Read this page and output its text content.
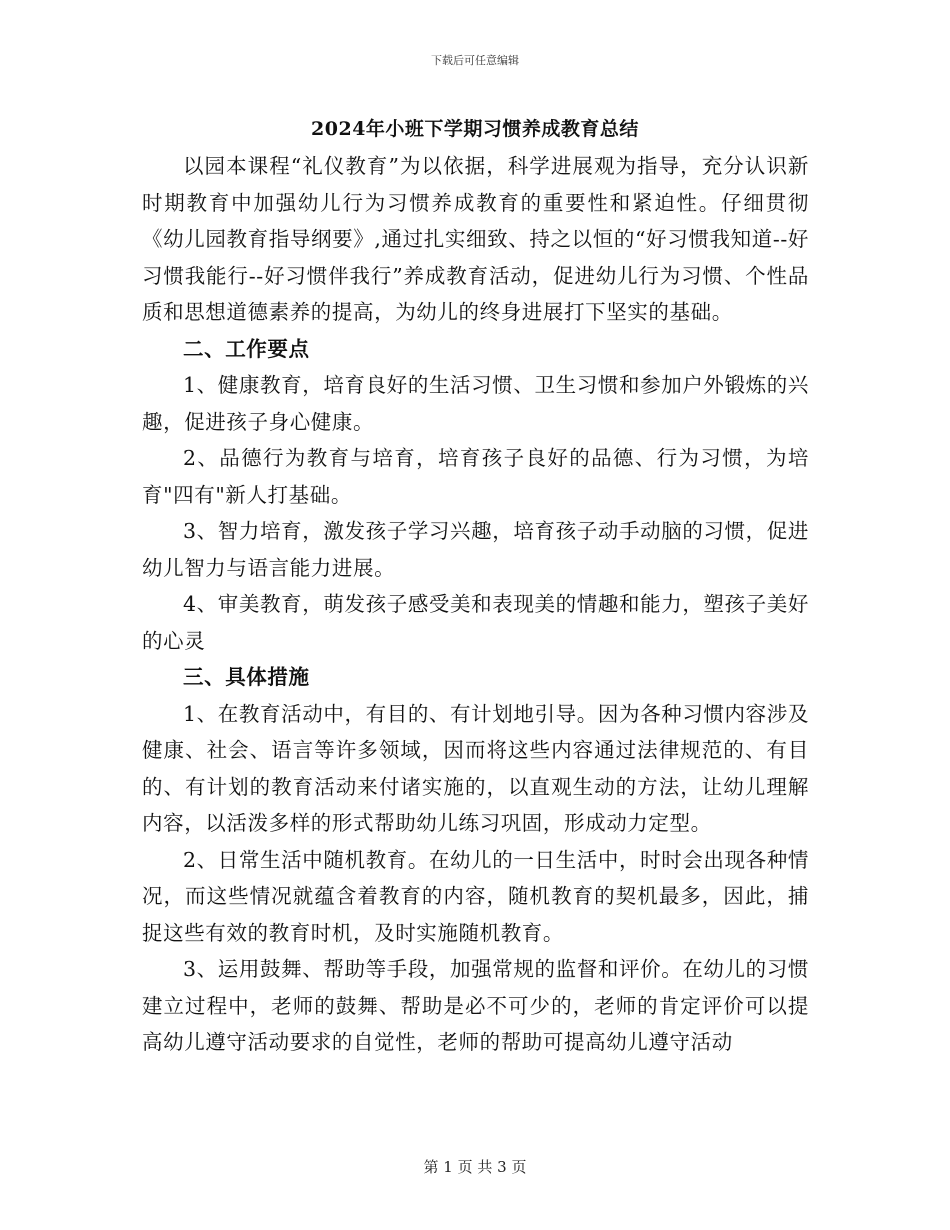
下载后可任意编辑
2024年小班下学期习惯养成教育总结

以园本课程“礼仪教育”为以依据，科学进展观为指导，充分认识新时期教育中加强幼儿行为习惯养成教育的重要性和紧迫性。仔细贯彻《幼儿园教育指导纲要》,通过扎实细致、持之以恒的“好习惯我知道--好习惯我能行--好习惯伴我行”养成教育活动，促进幼儿行为习惯、个性品质和思想道德素养的提高，为幼儿的终身进展打下坚实的基础。

二、工作要点

1、健康教育，培育良好的生活习惯、卫生习惯和参加户外锻炼的兴趣，促进孩子身心健康。

2、品德行为教育与培育，培育孩子良好的品德、行为习惯，为培育"四有"新人打基础。

3、智力培育，激发孩子学习兴趣，培育孩子动手动脑的习惯，促进幼儿智力与语言能力进展。

4、审美教育，萌发孩子感受美和表现美的情趣和能力，塑孩子美好的心灵

三、具体措施

1、在教育活动中，有目的、有计划地引导。因为各种习惯内容涉及健康、社会、语言等许多领域，因而将这些内容通过法律规范的、有目的、有计划的教育活动来付诸实施的，以直观生动的方法，让幼儿理解内容，以活泼多样的形式帮助幼儿练习巩固，形成动力定型。

2、日常生活中随机教育。在幼儿的一日生活中，时时会出现各种情况，而这些情况就蕴含着教育的内容，随机教育的契机最多，因此，捕捉这些有效的教育时机，及时实施随机教育。

3、运用鼓舞、帮助等手段，加强常规的监督和评价。在幼儿的习惯建立过程中，老师的鼓舞、帮助是必不可少的，老师的肯定评价可以提高幼儿遵守活动要求的自觉性，老师的帮助可提高幼儿遵守活动

第 1 页 共 3 页
